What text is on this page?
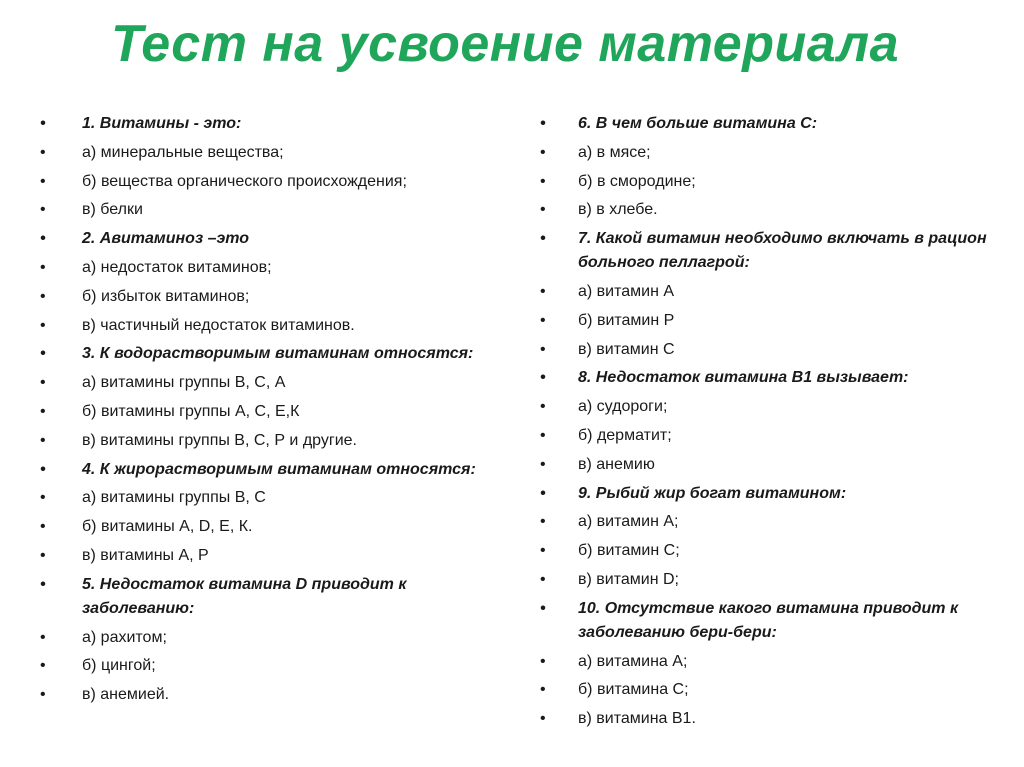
Тест на усвоение материала
• 1. Витамины - это:
• а) минеральные вещества;
• б) вещества органического происхождения;
• в) белки
• 2. Авитаминоз –это
• а) недостаток витаминов;
• б) избыток витаминов;
• в) частичный недостаток витаминов.
• 3. К водорастворимым витаминам относятся:
• а) витамины группы В, С, А
• б) витамины группы А, С, Е,К
• в) витамины группы В, С, Р и другие.
• 4. К жирорастворимым витаминам относятся:
• а) витамины группы В, С
• б) витамины А, D, Е, К.
• в) витамины А, Р
• 5. Недостаток витамина D приводит к заболеванию:
• а) рахитом;
• б) цингой;
• в) анемией.
• 6. В чем больше витамина С:
• а) в мясе;
• б) в смородине;
• в) в хлебе.
• 7. Какой витамин необходимо включать в рацион больного пеллагрой:
• а) витамин А
• б) витамин Р
• в) витамин С
• 8. Недостаток витамина В1 вызывает:
• а) судороги;
• б) дерматит;
• в) анемию
• 9. Рыбий жир богат витамином:
• а) витамин А;
• б) витамин С;
• в) витамин D;
• 10. Отсутствие какого витамина приводит к заболеванию бери-бери:
• а) витамина А;
• б) витамина С;
• в) витамина В1.
